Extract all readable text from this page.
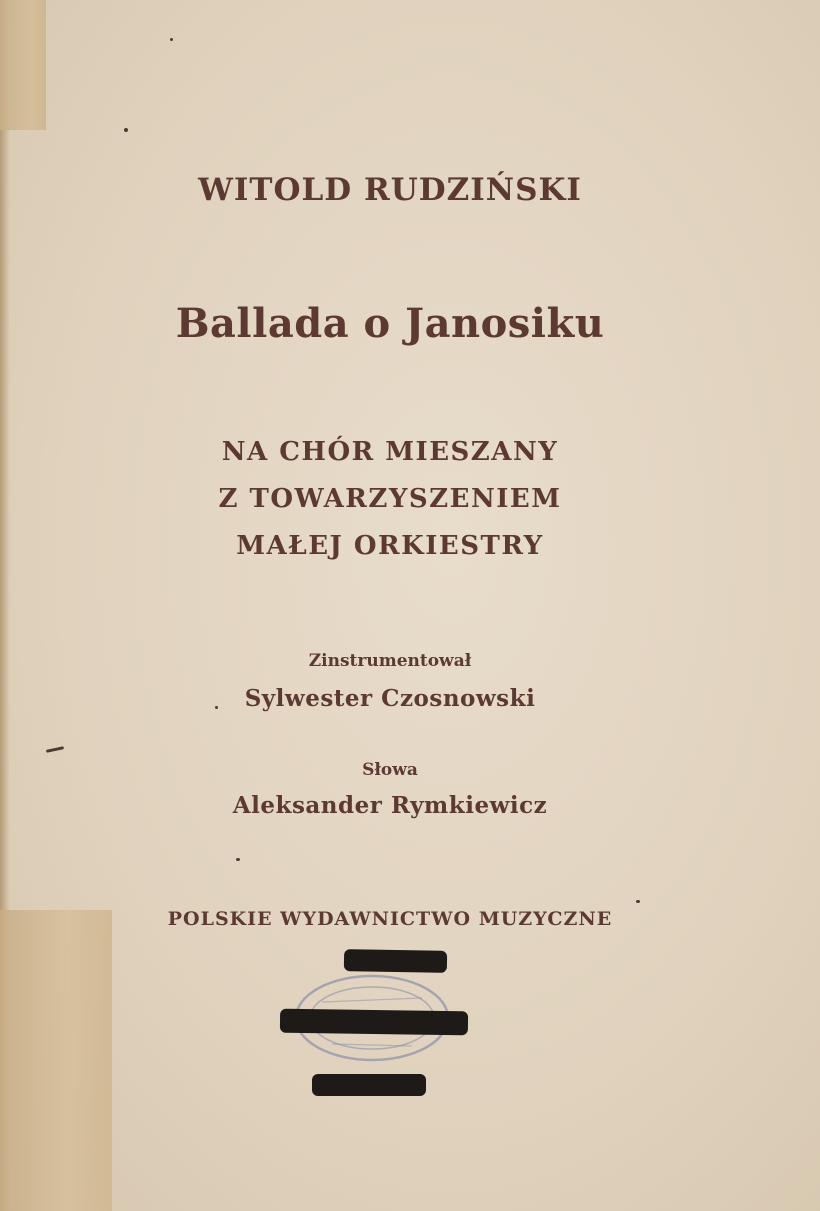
WITOLD RUDZIŃSKI
Ballada o Janosiku
NA CHÓR MIESZANY
Z TOWARZYSZENIEM
MAŁEJ ORKIESTRY
Zinstrumentował
Sylwester Czosnowski
Słowa
Aleksander Rymkiewicz
POLSKIE WYDAWNICTWO MUZYCZNE
